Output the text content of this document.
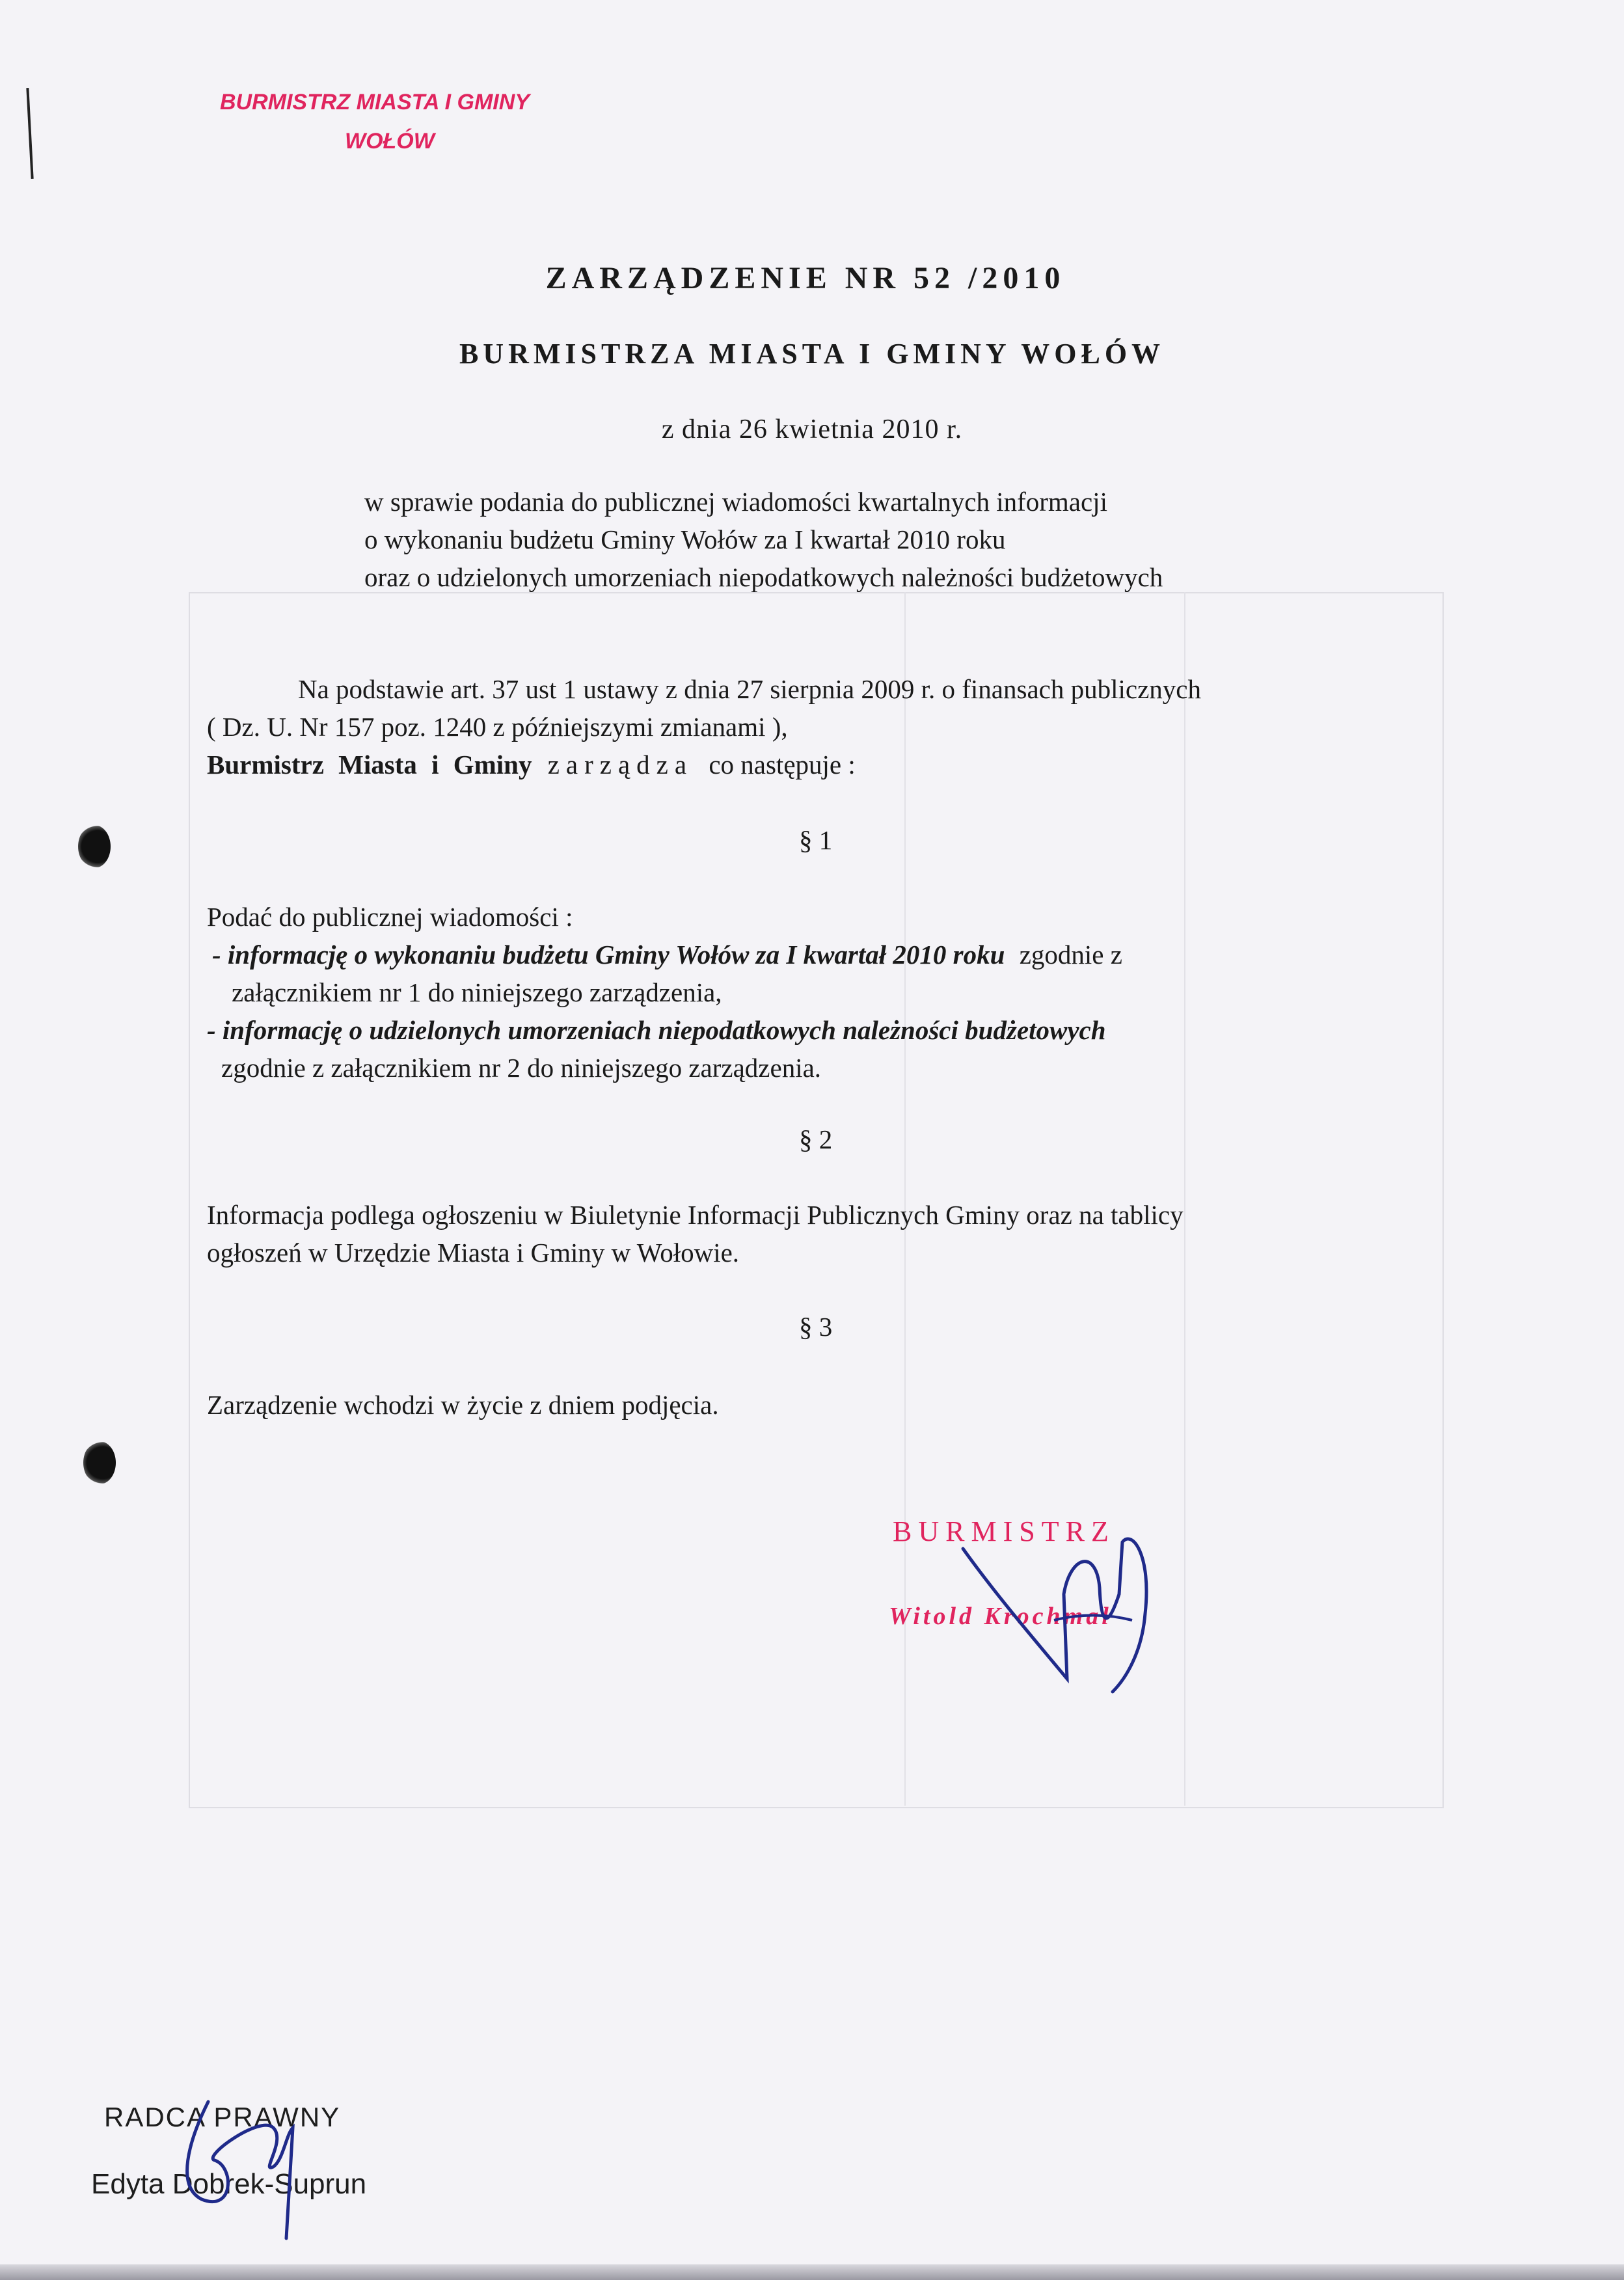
BURMISTRZ MIASTA I GMINY
WOŁÓW
ZARZĄDZENIE NR 52 /2010
BURMISTRZA MIASTA I GMINY WOŁÓW
z dnia 26 kwietnia 2010 r.
w sprawie podania do publicznej wiadomości kwartalnych informacji
o wykonaniu budżetu Gminy Wołów za I kwartał 2010 roku
oraz o udzielonych umorzeniach niepodatkowych należności budżetowych
Na podstawie art. 37 ust 1 ustawy z dnia 27 sierpnia 2009 r. o finansach publicznych
( Dz. U. Nr 157 poz. 1240 z późniejszymi zmianami ),
Burmistrz Miasta i Gminy zarządza co następuje :
§ 1
Podać do publicznej wiadomości :
- informację o wykonaniu budżetu Gminy Wołów za I kwartał 2010 roku zgodnie z
załącznikiem nr 1 do niniejszego zarządzenia,
- informację o udzielonych umorzeniach niepodatkowych należności budżetowych
zgodnie z załącznikiem nr 2 do niniejszego zarządzenia.
§ 2
Informacja podlega ogłoszeniu w Biuletynie Informacji Publicznych Gminy oraz na tablicy
ogłoszeń w Urzędzie Miasta i Gminy w Wołowie.
§ 3
Zarządzenie wchodzi w życie z dniem podjęcia.
BURMISTRZ
Witold Krochmal
RADCA PRAWNY
Edyta Dobrek-Suprun
